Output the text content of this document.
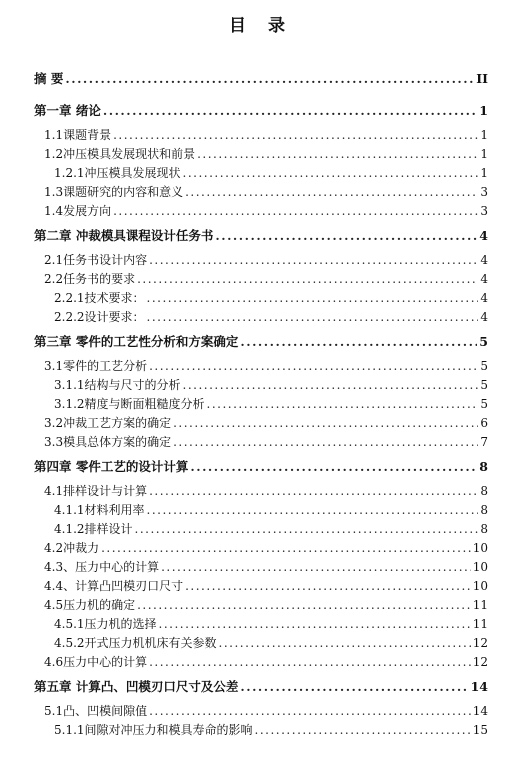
目 录
摘 要 .....	II
第一章 绪论 .....	1
1.1课题背景 .....	1
1.2冲压模具发展现状和前景 .....	1
1.2.1冲压模具发展现状 .....	1
1.3课题研究的内容和意义 .....	3
1.4发展方向 .....	3
第二章 冲裁模具课程设计任务书 .....	4
2.1任务书设计内容 .....	4
2.2任务书的要求 .....	4
2.2.1技术要求： .....	4
2.2.2设计要求： .....	4
第三章 零件的工艺性分析和方案确定 .....	5
3.1零件的工艺分析 .....	5
3.1.1结构与尺寸的分析 .....	5
3.1.2精度与断面粗糙度分析 .....	5
3.2冲裁工艺方案的确定 .....	6
3.3模具总体方案的确定 .....	7
第四章 零件工艺的设计计算 .....	8
4.1排样设计与计算 .....	8
4.1.1材料利用率 .....	8
4.1.2排样设计 .....	8
4.2冲裁力 .....	10
4.3、压力中心的计算 .....	10
4.4、计算凸凹模刃口尺寸 .....	10
4.5压力机的确定 .....	11
4.5.1压力机的选择 .....	11
4.5.2开式压力机机床有关参数 .....	12
4.6压力中心的计算 .....	12
第五章 计算凸、凹模刃口尺寸及公差 .....	14
5.1凸、凹模间隙值 .....	14
5.1.1间隙对冲压力和模具寿命的影响 .....	15
